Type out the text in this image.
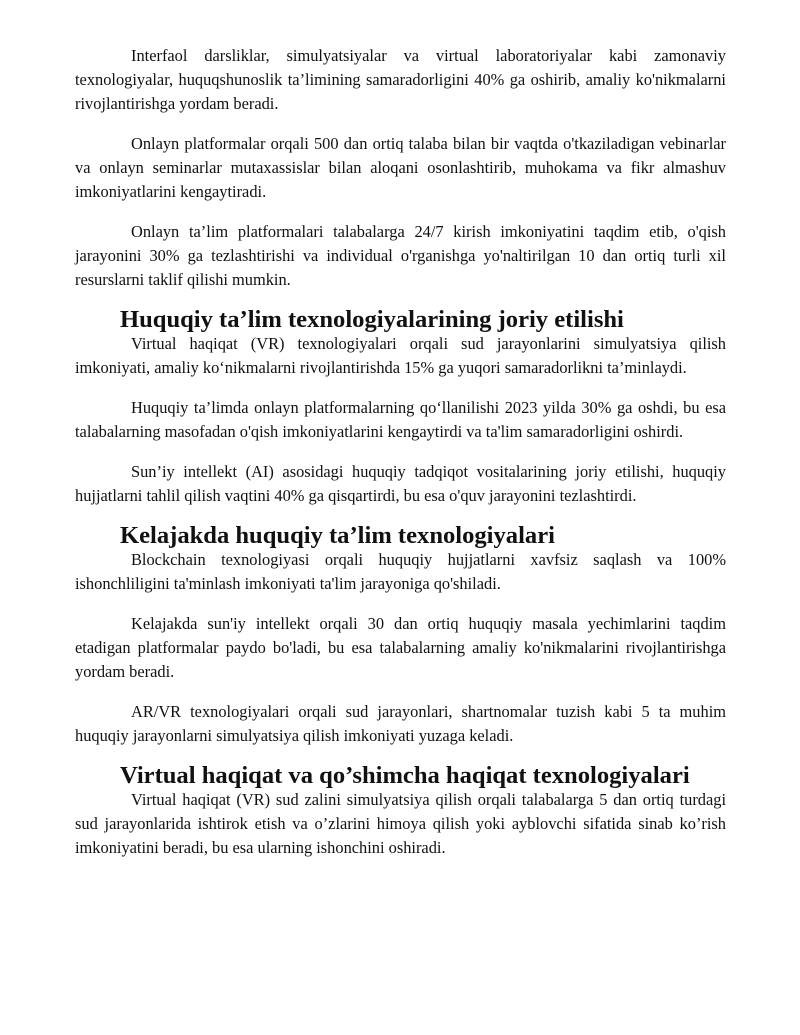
Interfaol darsliklar, simulyatsiyalar va virtual laboratoriyalar kabi zamonaviy texnologiyalar, huquqshunoslik ta’limining samaradorligini 40% ga oshirib, amaliy ko'nikmalarni rivojlantirishga yordam beradi.

Onlayn platformalar orqali 500 dan ortiq talaba bilan bir vaqtda o'tkaziladigan vebinarlar va onlayn seminarlar mutaxassislar bilan aloqani osonlashtirib, muhokama va fikr almashuv imkoniyatlarini kengaytiradi.

Onlayn ta’lim platformalari talabalarga 24/7 kirish imkoniyatini taqdim etib, o'qish jarayonini 30% ga tezlashtirishi va individual o'rganishga yo'naltirilgan 10 dan ortiq turli xil resurslarni taklif qilishi mumkin.

Huquqiy ta’lim texnologiyalarining joriy etilishi

Virtual haqiqat (VR) texnologiyalari orqali sud jarayonlarini simulyatsiya qilish imkoniyati, amaliy ko‘nikmalarni rivojlantirishda 15% ga yuqori samaradorlikni ta’minlaydi.

Huquqiy ta’limda onlayn platformalarning qo‘llanilishi 2023 yilda 30% ga oshdi, bu esa talabalarning masofadan o'qish imkoniyatlarini kengaytirdi va ta'lim samaradorligini oshirdi.

Sun’iy intellekt (AI) asosidagi huquqiy tadqiqot vositalarining joriy etilishi, huquqiy hujjatlarni tahlil qilish vaqtini 40% ga qisqartirdi, bu esa o'quv jarayonini tezlashtirdi.

Kelajakda huquqiy ta’lim texnologiyalari

Blockchain texnologiyasi orqali huquqiy hujjatlarni xavfsiz saqlash va 100% ishonchliligini ta'minlash imkoniyati ta'lim jarayoniga qo'shiladi.

Kelajakda sun'iy intellekt orqali 30 dan ortiq huquqiy masala yechimlarini taqdim etadigan platformalar paydo bo'ladi, bu esa talabalarning amaliy ko'nikmalarini rivojlantirishga yordam beradi.

AR/VR texnologiyalari orqali sud jarayonlari, shartnomalar tuzish kabi 5 ta muhim huquqiy jarayonlarni simulyatsiya qilish imkoniyati yuzaga keladi.

Virtual haqiqat va qo’shimcha haqiqat texnologiyalari

Virtual haqiqat (VR) sud zalini simulyatsiya qilish orqali talabalarga 5 dan ortiq turdagi sud jarayonlarida ishtirok etish va o’zlarini himoya qilish yoki ayblovchi sifatida sinab ko’rish imkoniyatini beradi, bu esa ularning ishonchini oshiradi.
